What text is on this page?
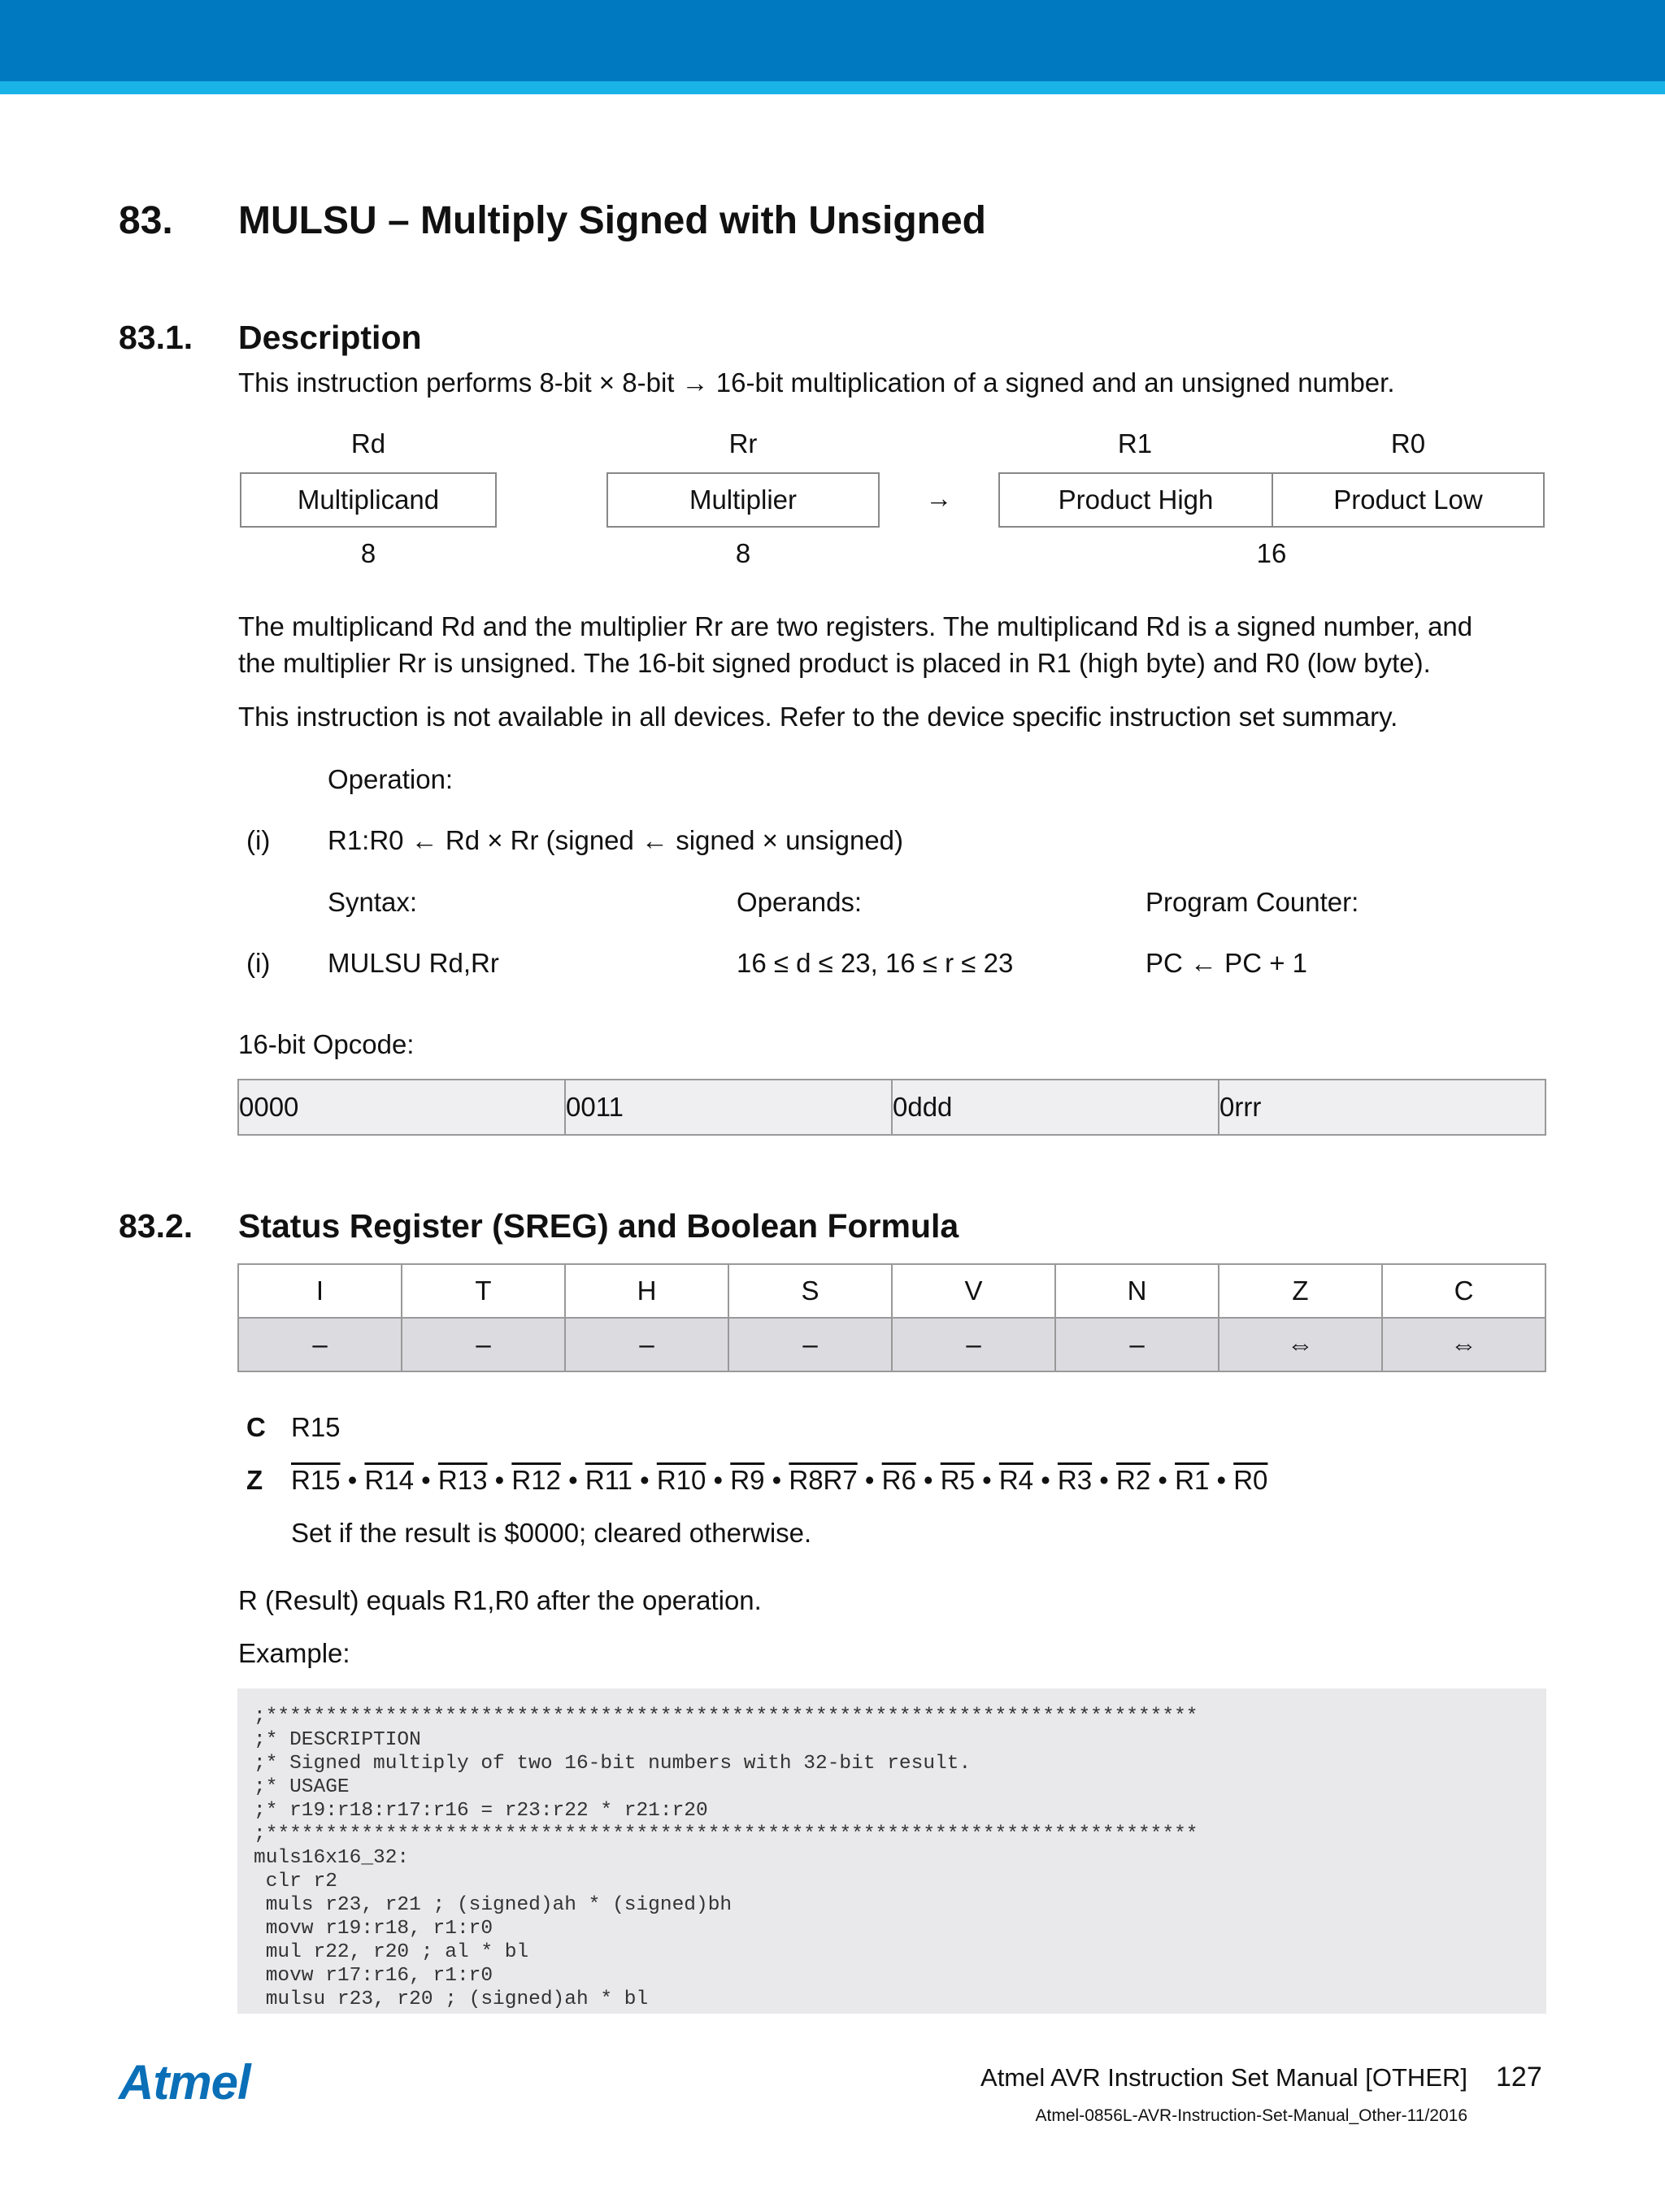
83. MULSU – Multiply Signed with Unsigned
83.1. Description
This instruction performs 8-bit × 8-bit → 16-bit multiplication of a signed and an unsigned number.
Rd	Rr	R1	R0
Multiplicand	Multiplier	→	Product High	Product Low
8	8	16
The multiplicand Rd and the multiplier Rr are two registers. The multiplicand Rd is a signed number, and
the multiplier Rr is unsigned. The 16-bit signed product is placed in R1 (high byte) and R0 (low byte).
This instruction is not available in all devices. Refer to the device specific instruction set summary.
Operation:
(i) R1:R0 ← Rd × Rr (signed ← signed × unsigned)
Syntax:	Operands:	Program Counter:
(i) MULSU Rd,Rr	16 ≤ d ≤ 23, 16 ≤ r ≤ 23	PC ← PC + 1
16-bit Opcode:
0000	0011	0ddd	0rrr
83.2. Status Register (SREG) and Boolean Formula
I	T	H	S	V	N	Z	C
–	–	–	–	–	–	⇔	⇔
C R15
Z R15 • R14 • R13 • R12 • R11 • R10 • R9 • R8R7 • R6 • R5 • R4 • R3 • R2 • R1 • R0
Set if the result is $0000; cleared otherwise.
R (Result) equals R1,R0 after the operation.
Example:
;******************************************************************************
;* DESCRIPTION
;* Signed multiply of two 16-bit numbers with 32-bit result.
;* USAGE
;* r19:r18:r17:r16 = r23:r22 * r21:r20
;******************************************************************************
muls16x16_32:
clr r2
muls r23, r21 ; (signed)ah * (signed)bh
movw r19:r18, r1:r0
mul r22, r20 ; al * bl
movw r17:r16, r1:r0
mulsu r23, r20 ; (signed)ah * bl
Atmel	Atmel AVR Instruction Set Manual [OTHER] 127
Atmel-0856L-AVR-Instruction-Set-Manual_Other-11/2016
